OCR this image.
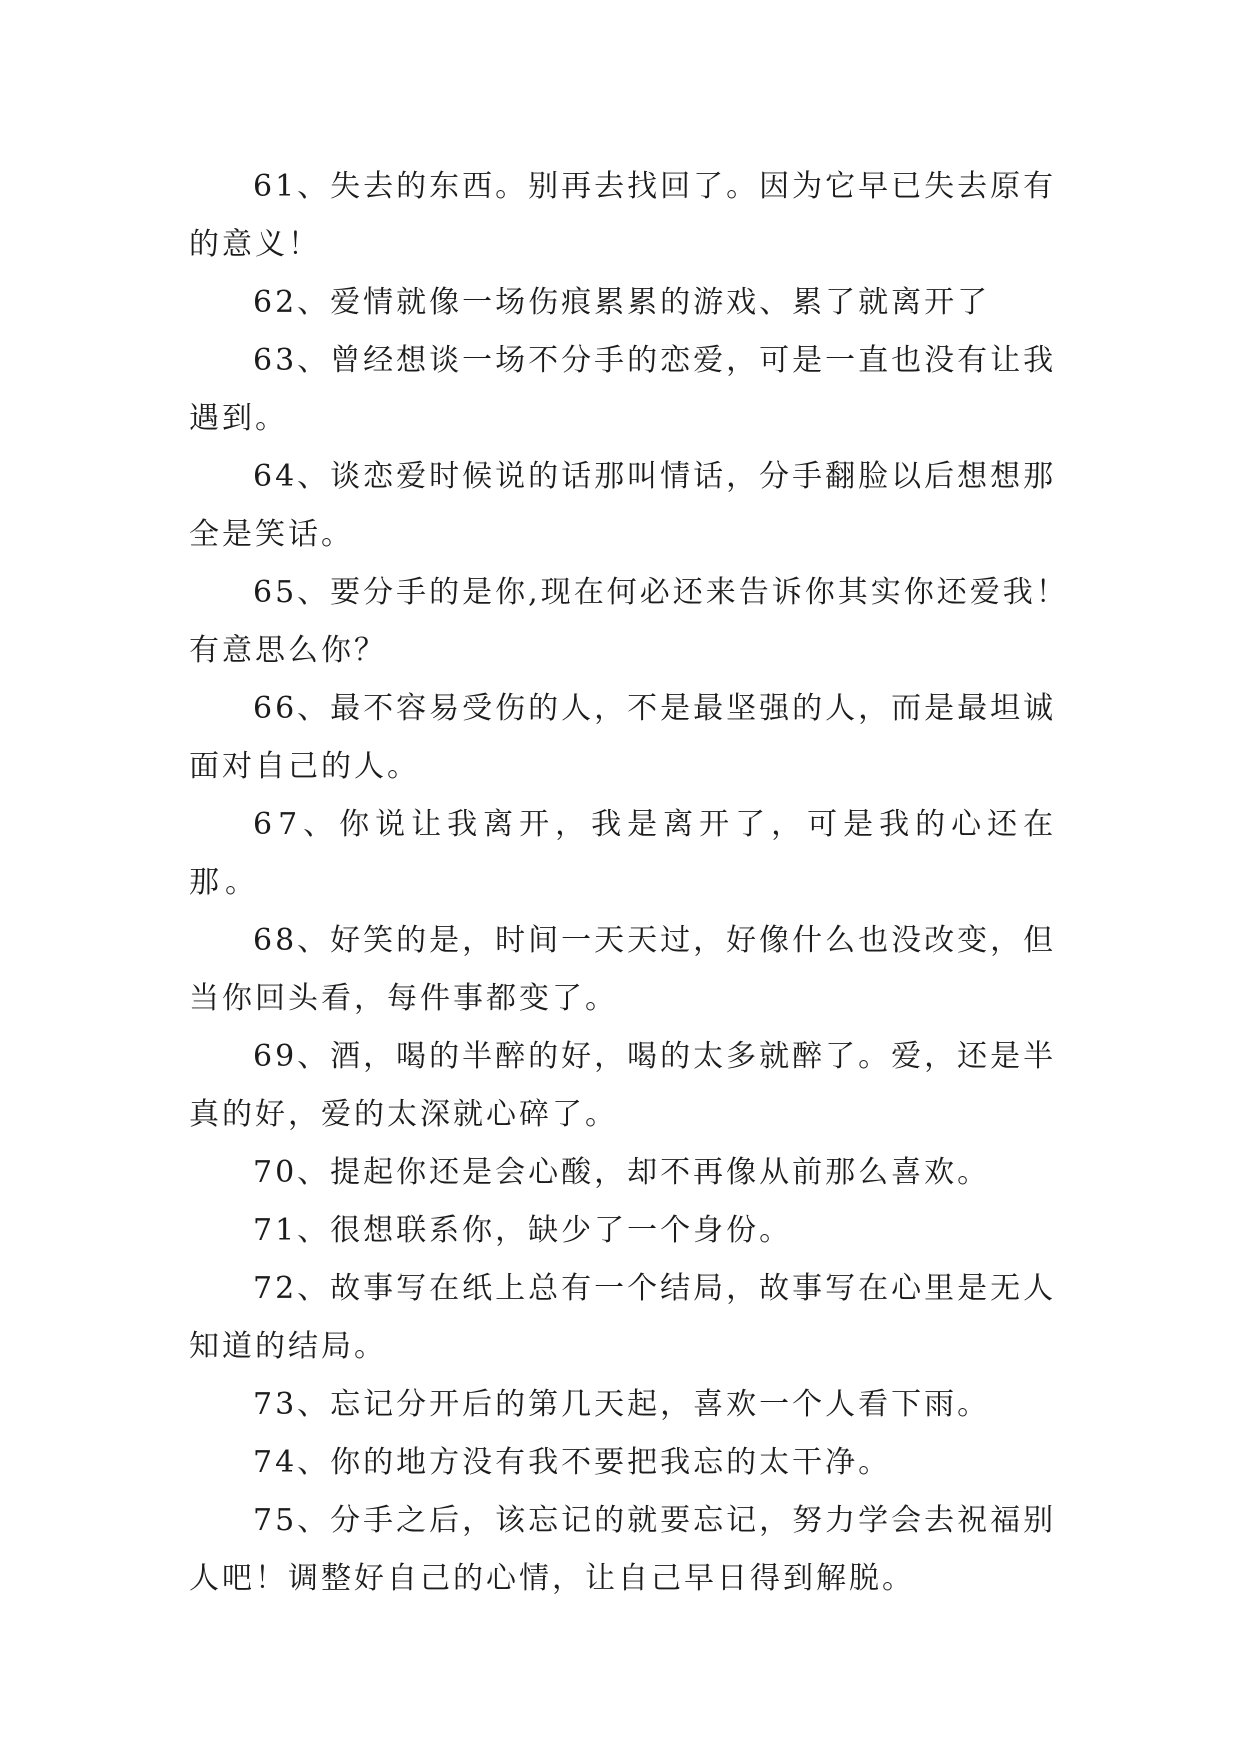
61、失去的东西。别再去找回了。因为它早已失去原有的意义！

62、爱情就像一场伤痕累累的游戏、累了就离开了

63、曾经想谈一场不分手的恋爱，可是一直也没有让我遇到。

64、谈恋爱时候说的话那叫情话，分手翻脸以后想想那全是笑话。

65、要分手的是你,现在何必还来告诉你其实你还爱我！有意思么你？

66、最不容易受伤的人，不是最坚强的人，而是最坦诚面对自己的人。

67、你说让我离开，我是离开了，可是我的心还在那。

68、好笑的是，时间一天天过，好像什么也没改变，但当你回头看，每件事都变了。

69、酒，喝的半醉的好，喝的太多就醉了。爱，还是半真的好，爱的太深就心碎了。

70、提起你还是会心酸，却不再像从前那么喜欢。

71、很想联系你，缺少了一个身份。

72、故事写在纸上总有一个结局，故事写在心里是无人知道的结局。

73、忘记分开后的第几天起，喜欢一个人看下雨。

74、你的地方没有我不要把我忘的太干净。

75、分手之后，该忘记的就要忘记，努力学会去祝福别人吧！调整好自己的心情，让自己早日得到解脱。
